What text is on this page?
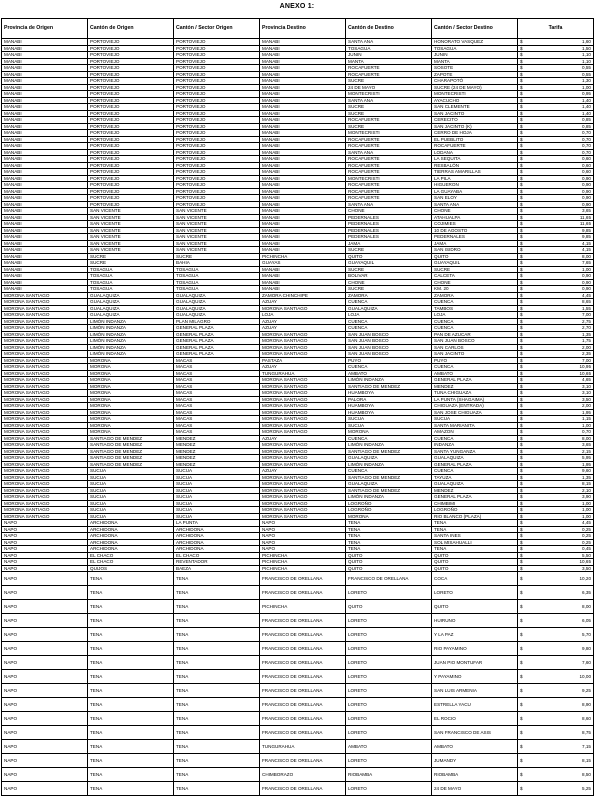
ANEXO 1:
Provincia de Origen	Cantón de Origen	Cantón / Sector Origen	Provincia Destino	Cantón de Destino	Cantón / Sector Destino	Tarifa	
MANABI	PORTOVIEJO	PORTOVIEJO	MANABI	SANTA ANA	HONORATO VASQUEZ	$	1,60
MANABI	PORTOVIEJO	PORTOVIEJO	MANABI	TOSAGUA	TOSAGUA	$	1,50
MANABI	PORTOVIEJO	PORTOVIEJO	MANABI	JUNIN	JUNIN	$	1,10
MANABI	PORTOVIEJO	PORTOVIEJO	MANABI	MANTA	MANTA	$	1,10
MANABI	PORTOVIEJO	PORTOVIEJO	MANABI	ROCAFUERTE	SOSOTE	$	0,55
MANABI	PORTOVIEJO	PORTOVIEJO	MANABI	ROCAFUERTE	ZAPOTE	$	0,55
MANABI	PORTOVIEJO	PORTOVIEJO	MANABI	SUCRE	CHARAPOTÓ	$	1,30
MANABI	PORTOVIEJO	PORTOVIEJO	MANABI	24 DE MAYO	SUCRE (24 DE MAYO)	$	1,00
MANABI	PORTOVIEJO	PORTOVIEJO	MANABI	MONTECRISTI	MONTECRISTI	$	0,95
MANABI	PORTOVIEJO	PORTOVIEJO	MANABI	SANTA ANA	AYACUCHO	$	1,40
MANABI	PORTOVIEJO	PORTOVIEJO	MANABI	SUCRE	SAN CLEMENTE	$	1,40
MANABI	PORTOVIEJO	PORTOVIEJO	MANABI	SUCRE	SAN JACINTO	$	1,40
MANABI	PORTOVIEJO	PORTOVIEJO	MANABI	ROCAFUERTE	CERECITO	$	0,85
MANABI	PORTOVIEJO	PORTOVIEJO	MANABI	SUCRE	SAN JACINTO (K)	$	0,85
MANABI	PORTOVIEJO	PORTOVIEJO	MANABI	MONTECRISTI	CERRO DE HOJA	$	0,70
MANABI	PORTOVIEJO	PORTOVIEJO	MANABI	ROCAFUERTE	EL PUEBLITO	$	0,70
MANABI	PORTOVIEJO	PORTOVIEJO	MANABI	ROCAFUERTE	ROCAFUERTE	$	0,70
MANABI	PORTOVIEJO	PORTOVIEJO	MANABI	SANTA ANA	LODANA	$	0,70
MANABI	PORTOVIEJO	PORTOVIEJO	MANABI	ROCAFUERTE	LA SEQUITA	$	0,60
MANABI	PORTOVIEJO	PORTOVIEJO	MANABI	ROCAFUERTE	RESBALÓN	$	0,60
MANABI	PORTOVIEJO	PORTOVIEJO	MANABI	ROCAFUERTE	TIERRAS AMARILLAS	$	0,60
MANABI	PORTOVIEJO	PORTOVIEJO	MANABI	MONTECRISTI	LA PILA	$	0,90
MANABI	PORTOVIEJO	PORTOVIEJO	MANABI	ROCAFUERTE	HIGUERON	$	0,90
MANABI	PORTOVIEJO	PORTOVIEJO	MANABI	ROCAFUERTE	LA GUAYABA	$	0,90
MANABI	PORTOVIEJO	PORTOVIEJO	MANABI	ROCAFUERTE	SAN ELOY	$	0,90
MANABI	PORTOVIEJO	PORTOVIEJO	MANABI	SANTA ANA	SANTA ANA	$	0,90
MANABI	SAN VICENTE	SAN VICENTE	MANABI	CHONE	CHONE	$	3,65
MANABI	SAN VICENTE	SAN VICENTE	MANABI	PEDERNALES	ATAHUALPA	$	11,65
MANABI	SAN VICENTE	SAN VICENTE	MANABI	PEDERNALES	COJIMIES	$	11,65
MANABI	SAN VICENTE	SAN VICENTE	MANABI	PEDERNALES	10 DE AGOSTO	$	9,85
MANABI	SAN VICENTE	SAN VICENTE	MANABI	PEDERNALES	PEDERNALES	$	9,85
MANABI	SAN VICENTE	SAN VICENTE	MANABI	JAMA	JAMA	$	4,15
MANABI	SAN VICENTE	SAN VICENTE	MANABI	SUCRE	SAN ISIDRO	$	4,15
MANABI	SUCRE	SUCRE	PICHINCHA	QUITO	QUITO	$	8,00
MANABI	SUCRE	BAHIA	GUAYAS	GUAYAQUIL	GUAYAQUIL	$	7,65
MANABI	TOSAGUA	TOSAGUA	MANABI	SUCRE	SUCRE	$	1,00
MANABI	TOSAGUA	TOSAGUA	MANABI	BOLIVAR	CALCETA	$	0,90
MANABI	TOSAGUA	TOSAGUA	MANABI	CHONE	CHONE	$	0,90
MANABI	TOSAGUA	TOSAGUA	MANABI	SUCRE	KM. 20	$	0,90
MORONA SANTIAGO	GUALAQUIZA	GUALAQUIZA	ZAMORA CHINCHIPE	ZAMORA	ZAMORA	$	4,45
MORONA SANTIAGO	GUALAQUIZA	GUALAQUIZA	AZUAY	CUENCA	CUENCA	$	8,65
MORONA SANTIAGO	GUALAQUIZA	GUALAQUIZA	MORONA SANTIAGO	GUALAQUIZA	TAMBOS	$	1,55
MORONA SANTIAGO	GUALAQUIZA	GUALAQUIZA	LOJA	LOJA	LOJA	$	7,00
MORONA SANTIAGO	LIMÓN INDANZA	PLAN MILAGRO	AZUAY	CUENCA	CUENCA	$	2,75
MORONA SANTIAGO	LIMÓN INDANZA	GENERAL PLAZA	AZUAY	CUENCA	CUENCA	$	2,70
MORONA SANTIAGO	LIMÓN INDANZA	GENERAL PLAZA	MORONA SANTIAGO	SAN JUAN BOSCO	PAN DE AZUCAR	$	1,35
MORONA SANTIAGO	LIMÓN INDANZA	GENERAL PLAZA	MORONA SANTIAGO	SAN JUAN BOSCO	SAN JUAN BOSCO	$	1,75
MORONA SANTIAGO	LIMÓN INDANZA	GENERAL PLAZA	MORONA SANTIAGO	SAN JUAN BOSCO	SAN CARLOS	$	2,00
MORONA SANTIAGO	LIMÓN INDANZA	GENERAL PLAZA	MORONA SANTIAGO	SAN JUAN BOSCO	SAN JACINTO	$	2,35
MORONA SANTIAGO	MORONA	MACAS	PASTAZA	PUYO	PUYO	$	7,00
MORONA SANTIAGO	MORONA	MACAS	AZUAY	CUENCA	CUENCA	$	10,95
MORONA SANTIAGO	MORONA	MACAS	TUNGURAHUA	AMBATO	AMBATO	$	10,65
MORONA SANTIAGO	MORONA	MACAS	MORONA SANTIAGO	LIMÓN INDANZA	GENERAL PLAZA	$	4,65
MORONA SANTIAGO	MORONA	MACAS	MORONA SANTIAGO	SANTIAGO DE MENDEZ	MENDEZ	$	3,10
MORONA SANTIAGO	MORONA	MACAS	MORONA SANTIAGO	HUAMBOYA	TUNA CHIGUAZA	$	3,10
MORONA SANTIAGO	MORONA	MACAS	MORONA SANTIAGO	PALORA	LA PUNTA (SHAGAIMA)	$	3,50
MORONA SANTIAGO	MORONA	MACAS	MORONA SANTIAGO	HUAMBOYA	CHIGUAZA (ENTRADA)	$	2,00
MORONA SANTIAGO	MORONA	MACAS	MORONA SANTIAGO	HUAMBOYA	SAN JOSE CHIGUAZA	$	1,95
MORONA SANTIAGO	MORONA	MACAS	MORONA SANTIAGO	SUCUA	SUCUA	$	1,15
MORONA SANTIAGO	MORONA	MACAS	MORONA SANTIAGO	SUCUA	SANTA MARIANITA	$	1,00
MORONA SANTIAGO	MORONA	MACAS	MORONA SANTIAGO	MORONA	AMAZON	$	0,70
MORONA SANTIAGO	SANTIAGO DE MENDEZ	MENDEZ	AZUAY	CUENCA	CUENCA	$	8,00
MORONA SANTIAGO	SANTIAGO DE MENDEZ	MENDEZ	MORONA SANTIAGO	LIMÓN INDANZA	INDANZA	$	3,65
MORONA SANTIAGO	SANTIAGO DE MENDEZ	MENDEZ	MORONA SANTIAGO	SANTIAGO DE MENDEZ	SANTA YUNGANZA	$	2,15
MORONA SANTIAGO	SANTIAGO DE MENDEZ	MENDEZ	MORONA SANTIAGO	GUALAQUIZA	GUALAQUIZA	$	5,95
MORONA SANTIAGO	SANTIAGO DE MENDEZ	MENDEZ	MORONA SANTIAGO	LIMÓN INDANZA	GENERAL PLAZA	$	1,95
MORONA SANTIAGO	SUCUA	SUCUA	AZUAY	CUENCA	CUENCA	$	9,60
MORONA SANTIAGO	SUCUA	SUCUA	MORONA SANTIAGO	SANTIAGO DE MENDEZ	TAYUZA	$	1,35
MORONA SANTIAGO	SUCUA	SUCUA	MORONA SANTIAGO	GUALAQUIZA	GUALAQUIZA	$	8,15
MORONA SANTIAGO	SUCUA	SUCUA	MORONA SANTIAGO	SANTIAGO DE MENDEZ	MENDEZ	$	2,10
MORONA SANTIAGO	SUCUA	SUCUA	MORONA SANTIAGO	LIMÓN INDANZA	GENERAL PLAZA	$	3,90
MORONA SANTIAGO	SUCUA	SUCUA	MORONA SANTIAGO	LOGROÑO	CHIMBIMI	$	1,00
MORONA SANTIAGO	SUCUA	SUCUA	MORONA SANTIAGO	LOGROÑO	LOGROÑO	$	1,00
MORONA SANTIAGO	SUCUA	SUCUA	MORONA SANTIAGO	MORONA	RIO BLANCO (PLAZA)	$	1,00
NAPO	ARCHIDONA	LA PUNTA	NAPO	TENA	TENA	$	4,45
NAPO	ARCHIDONA	ARCHIDONA	NAPO	TENA	TENA	$	0,25
NAPO	ARCHIDONA	ARCHIDONA	NAPO	TENA	SANTA INES	$	0,25
NAPO	ARCHIDONA	ARCHIDONA	NAPO	TENA	SOL MISAHUALLI	$	0,25
NAPO	ARCHIDONA	ARCHIDONA	NAPO	TENA	TENA	$	0,45
NAPO	EL CHACO	EL CHACO	PICHINCHA	QUITO	QUITO	$	5,50
NAPO	EL CHACO	REVENTADOR	PICHINCHA	QUITO	QUITO	$	10,65
NAPO	QUIJOS	BAEZA	PICHINCHA	QUITO	QUITO	$	3,50
NAPO	TENA	TENA	FRANCISCO DE ORELLANA	FRANCISCO DE ORELLANA	COCA	$	10,20
NAPO	TENA	TENA	FRANCISCO DE ORELLANA	LORETO	LORETO	$	6,35
NAPO	TENA	TENA	PICHINCHA	QUITO	QUITO	$	8,00
NAPO	TENA	TENA	FRANCISCO DE ORELLANA	LORETO	HUIRUNO	$	6,05
NAPO	TENA	TENA	FRANCISCO DE ORELLANA	LORETO	Y LA PAZ	$	5,70
NAPO	TENA	TENA	FRANCISCO DE ORELLANA	LORETO	RIO PAYAMINO	$	9,80
NAPO	TENA	TENA	FRANCISCO DE ORELLANA	LORETO	JUAN PIO MONTUFAR	$	7,60
NAPO	TENA	TENA	FRANCISCO DE ORELLANA	LORETO	Y PAYAMINO	$	10,00
NAPO	TENA	TENA	FRANCISCO DE ORELLANA	LORETO	SAN LUIS ARMENIA	$	9,25
NAPO	TENA	TENA	FRANCISCO DE ORELLANA	LORETO	ESTRELLA YACU	$	8,90
NAPO	TENA	TENA	FRANCISCO DE ORELLANA	LORETO	EL ROCIO	$	8,60
NAPO	TENA	TENA	FRANCISCO DE ORELLANA	LORETO	SAN FRANCISCO DE ASIS	$	8,75
NAPO	TENA	TENA	TUNGURAHUA	AMBATO	AMBATO	$	7,15
NAPO	TENA	TENA	FRANCISCO DE ORELLANA	LORETO	JUMANDY	$	8,15
NAPO	TENA	TENA	CHIMBORAZO	RIOBAMBA	RIOBAMBA	$	8,50
NAPO	TENA	TENA	FRANCISCO DE ORELLANA	LORETO	24 DE MAYO	$	5,25
